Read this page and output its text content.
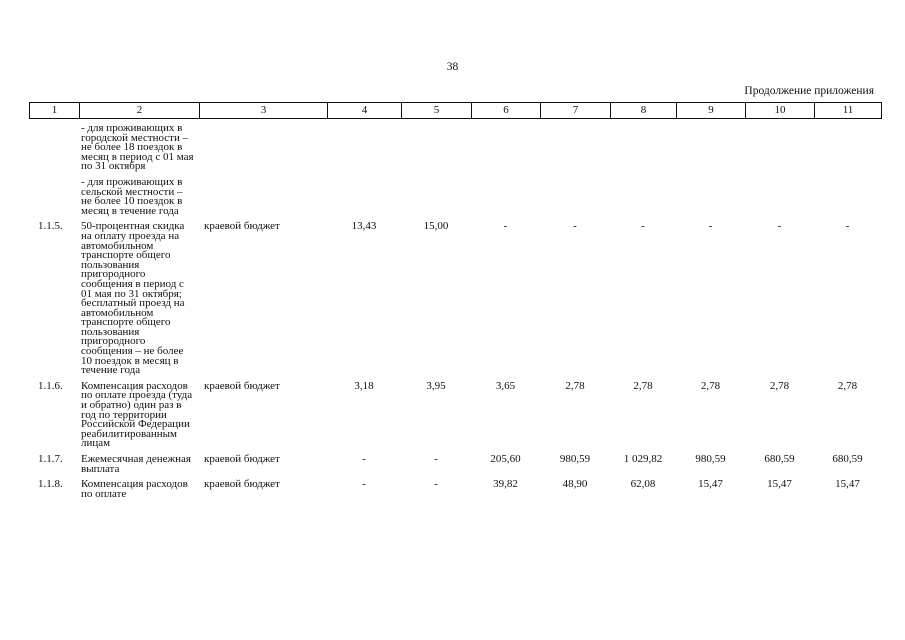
38
Продолжение приложения
1	2	3	4	5	6	7	8	9	10	11
	- для проживающих в городской местности – не более 18 поездок в месяц в период с 01 мая по 31 октября									

	- для проживающих в сельской местности – не более 10 поездок в месяц в течение года									

1.1.5.	50-процентная скидка на оплату проезда на автомобильном транспорте общего пользования пригородного сообщения в период с 01 мая по 31 октября; бесплатный проезд на автомобильном транспорте общего пользования пригородного сообщения – не более 10 поездок в месяц в течение года	краевой бюджет	13,43	15,00	-	-	-	-	-	-

1.1.6.	Компенсация расходов по оплате проезда (туда и обратно) один раз в год по территории Российской Федерации реабилитированным лицам	краевой бюджет	3,18	3,95	3,65	2,78	2,78	2,78	2,78	2,78

1.1.7.	Ежемесячная денежная выплата	краевой бюджет	-	-	205,60	980,59	1 029,82	980,59	680,59	680,59

1.1.8.	Компенсация расходов по оплате	краевой бюджет	-	-	39,82	48,90	62,08	15,47	15,47	15,47
